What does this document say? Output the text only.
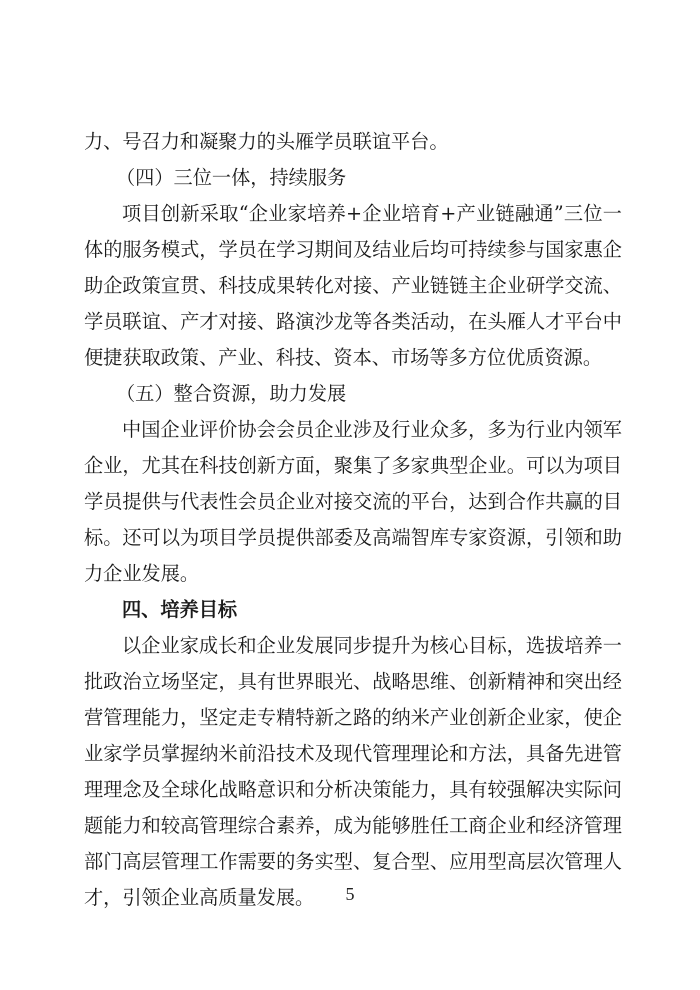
力、号召力和凝聚力的头雁学员联谊平台。
（四）三位一体，持续服务
项目创新采取“企业家培养+企业培育+产业链融通”三位一
体的服务模式，学员在学习期间及结业后均可持续参与国家惠企
助企政策宣贯、科技成果转化对接、产业链链主企业研学交流、
学员联谊、产才对接、路演沙龙等各类活动，在头雁人才平台中
便捷获取政策、产业、科技、资本、市场等多方位优质资源。
（五）整合资源，助力发展
中国企业评价协会会员企业涉及行业众多，多为行业内领军
企业，尤其在科技创新方面，聚集了多家典型企业。可以为项目
学员提供与代表性会员企业对接交流的平台，达到合作共赢的目
标。还可以为项目学员提供部委及高端智库专家资源，引领和助
力企业发展。
四、培养目标
以企业家成长和企业发展同步提升为核心目标，选拔培养一
批政治立场坚定，具有世界眼光、战略思维、创新精神和突出经
营管理能力，坚定走专精特新之路的纳米产业创新企业家，使企
业家学员掌握纳米前沿技术及现代管理理论和方法，具备先进管
理理念及全球化战略意识和分析决策能力，具有较强解决实际问
题能力和较高管理综合素养，成为能够胜任工商企业和经济管理
部门高层管理工作需要的务实型、复合型、应用型高层次管理人
才，引领企业高质量发展。	5
